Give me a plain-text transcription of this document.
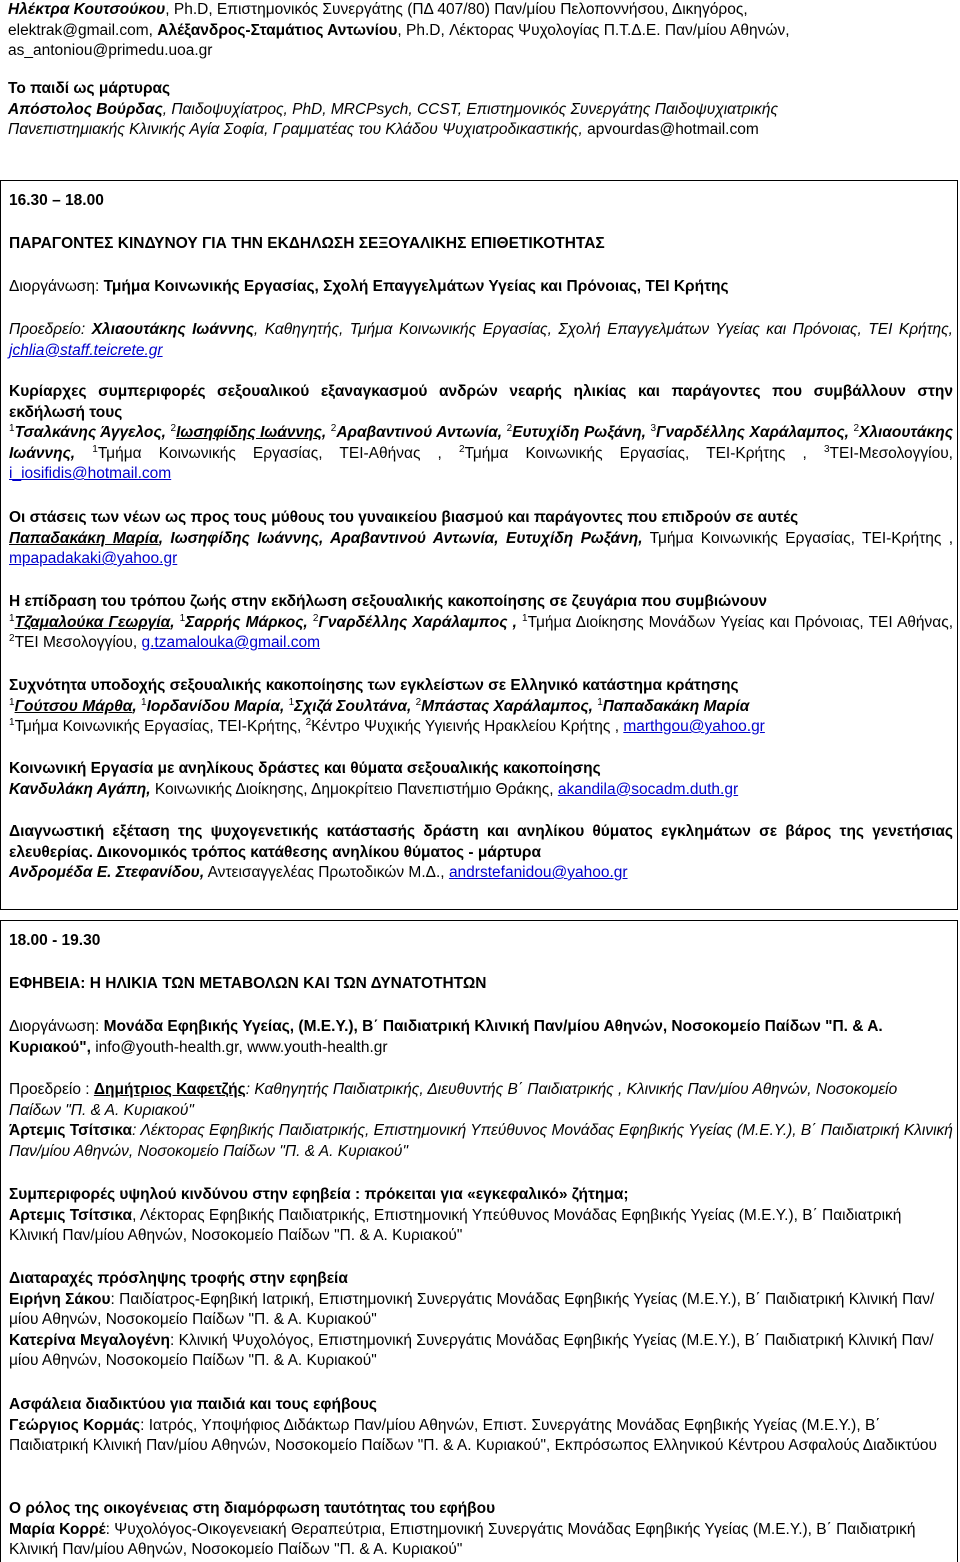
Ηλέκτρα Κουτσούκου, Ph.D, Επιστημονικός Συνεργάτης (ΠΔ 407/80) Παν/μίου Πελοποννήσου, Δικηγόρος,

elektrak@gmail.com, Αλέξανδρος-Σταμάτιος Αντωνίου, Ph.D, Λέκτορας Ψυχολογίας Π.Τ.Δ.Ε. Παν/μίου Αθηνών,

as_antoniou@primedu.uoa.gr

Το παιδί ως μάρτυρας

Απόστολος Βούρδας, Παιδοψυχίατρος, PhD, MRCPsych, CCST, Επιστημονικός Συνεργάτης Παιδοψυχιατρικής

Πανεπιστημιακής Κλινικής Αγία Σοφία, Γραμματέας του Κλάδου Ψυχιατροδικαστικής, apvourdas@hotmail.com

16.30 – 18.00

ΠΑΡΑΓΟΝΤΕΣ ΚΙΝΔΥΝΟΥ ΓΙΑ ΤΗΝ ΕΚΔΗΛΩΣΗ ΣΕΞΟΥΑΛΙΚΗΣ ΕΠΙΘΕΤΙΚΟΤΗΤΑΣ

Διοργάνωση: Τμήμα Κοινωνικής Εργασίας, Σχολή Επαγγελμάτων Υγείας και Πρόνοιας, ΤΕΙ Κρήτης

Προεδρείο: Χλιαουτάκης Ιωάννης, Καθηγητής, Τμήμα Κοινωνικής Εργασίας, Σχολή Επαγγελμάτων Υγείας και Πρόνοιας, ΤΕΙ Κρήτης, jchlia@staff.teicrete.gr

Κυρίαρχες συμπεριφορές σεξουαλικού εξαναγκασμού ανδρών νεαρής ηλικίας και παράγοντες που συμβάλλουν στην εκδήλωσή τους

$^1$Τσαλκάνης Άγγελος, $^2$Ιωσηφίδης Ιωάννης, $^2$Αραβαντινού Αντωνία, $^2$Ευτυχίδη Ρωξάνη, $^3$Γναρδέλλης Χαράλαμπος, $^2$Χλιαουτάκης Ιωάννης, $^1$Τμήμα Κοινωνικής Εργασίας, ΤΕΙ-Αθήνας , $^2$Τμήμα Κοινωνικής Εργασίας, ΤΕΙ-Κρήτης , $^3$ΤΕΙ-Μεσολογγίου, i_iosifidis@hotmail.com

Οι στάσεις των νέων ως προς τους μύθους του γυναικείου βιασμού και παράγοντες που επιδρούν σε αυτές

Παπαδακάκη Μαρία, Ιωσηφίδης Ιωάννης, Αραβαντινού Αντωνία, Ευτυχίδη Ρωξάνη, Τμήμα Κοινωνικής Εργασίας, ΤΕΙ-Κρήτης , mpapadakaki@yahoo.gr

Η επίδραση του τρόπου ζωής στην εκδήλωση σεξουαλικής κακοποίησης σε ζευγάρια που συμβιώνουν

$^1$Τζαμαλούκα Γεωργία, $^1$Σαρρής Μάρκος, $^2$Γναρδέλλης Χαράλαμπος , $^1$Τμήμα Διοίκησης Μονάδων Υγείας και Πρόνοιας, ΤΕΙ Αθήνας, $^2$ΤΕΙ Μεσολογγίου, g.tzamalouka@gmail.com

Συχνότητα υποδοχής σεξουαλικής κακοποίησης των εγκλείστων σε Ελληνικό κατάστημα κράτησης

$^1$Γούτσου Μάρθα, $^1$Ιορδανίδου Μαρία, $^1$Σχιζά Σουλτάνα, $^2$Μπάστας Χαράλαμπος, $^1$Παπαδακάκη Μαρία

$^1$Τμήμα Κοινωνικής Εργασίας, ΤΕΙ-Κρήτης, $^2$Κέντρο Ψυχικής Υγιεινής Ηρακλείου Κρήτης , marthgou@yahoo.gr

Κοινωνική Εργασία με ανηλίκους δράστες και θύματα σεξουαλικής κακοποίησης

Κανδυλάκη Αγάπη, Κοινωνικής Διοίκησης, Δημοκρίτειο Πανεπιστήμιο Θράκης, akandila@socadm.duth.gr

Διαγνωστική εξέταση της ψυχογενετικής κατάστασής δράστη και ανηλίκου θύματος εγκλημάτων σε βάρος της γενετήσιας ελευθερίας. Δικονομικός τρόπος κατάθεσης ανηλίκου θύματος - μάρτυρα

Ανδρομέδα Ε. Στεφανίδου, Αντεισαγγελέας Πρωτοδικών Μ.Δ., andrstefanidou@yahoo.gr

18.00 - 19.30

ΕΦΗΒΕΙΑ: Η ΗΛΙΚΙΑ ΤΩΝ ΜΕΤΑΒΟΛΩΝ ΚΑΙ ΤΩΝ ΔΥΝΑΤΟΤΗΤΩΝ

Διοργάνωση: Μονάδα Εφηβικής Υγείας, (Μ.Ε.Υ.), Β΄ Παιδιατρική Κλινική Παν/μίου Αθηνών, Νοσοκομείο Παίδων "Π. & Α. Κυριακού", info@youth-health.gr, www.youth-health.gr

Προεδρείο : Δημήτριος Καφετζής: Καθηγητής Παιδιατρικής, Διευθυντής Β΄ Παιδιατρικής , Κλινικής Παν/μίου Αθηνών, Νοσοκομείο Παίδων "Π. & Α. Κυριακού"

Άρτεμις Τσίτσικα: Λέκτορας Εφηβικής Παιδιατρικής, Επιστημονική Υπεύθυνος Μονάδας Εφηβικής Υγείας (Μ.Ε.Υ.), Β΄ Παιδιατρική Κλινική Παν/μίου Αθηνών, Νοσοκομείο Παίδων "Π. & Α. Κυριακού"

Συμπεριφορές υψηλού κινδύνου στην εφηβεία : πρόκειται για «εγκεφαλικό» ζήτημα;

Αρτεμις Τσίτσικα, Λέκτορας Εφηβικής Παιδιατρικής, Επιστημονική Υπεύθυνος Μονάδας Εφηβικής Υγείας (Μ.Ε.Υ.), Β΄ Παιδιατρική Κλινική Παν/μίου Αθηνών, Νοσοκομείο Παίδων "Π. & Α. Κυριακού"

Διαταραχές πρόσληψης τροφής στην εφηβεία

Ειρήνη Σάκου: Παιδίατρος-Εφηβική Ιατρική, Επιστημονική Συνεργάτις Μονάδας Εφηβικής Υγείας (Μ.Ε.Υ.), Β΄ Παιδιατρική Κλινική Παν/μίου Αθηνών, Νοσοκομείο Παίδων "Π. & Α. Κυριακού"

Κατερίνα Μεγαλογένη: Κλινική Ψυχολόγος, Επιστημονική Συνεργάτις Μονάδας Εφηβικής Υγείας (Μ.Ε.Υ.), Β΄ Παιδιατρική Κλινική Παν/μίου Αθηνών, Νοσοκομείο Παίδων "Π. & Α. Κυριακού"

Ασφάλεια διαδικτύου για παιδιά και τους εφήβους

Γεώργιος Κορμάς: Ιατρός, Υποψήφιος Διδάκτωρ Παν/μίου Αθηνών, Επιστ. Συνεργάτης Μονάδας Εφηβικής Υγείας (Μ.Ε.Υ.), Β΄ Παιδιατρική Κλινική Παν/μίου Αθηνών, Νοσοκομείο Παίδων "Π. & Α. Κυριακού", Εκπρόσωπος Ελληνικού Κέντρου Ασφαλούς Διαδικτύου

Ο ρόλος της οικογένειας στη διαμόρφωση ταυτότητας του εφήβου

Μαρία Κορρέ: Ψυχολόγος-Οικογενειακή Θεραπεύτρια, Επιστημονική Συνεργάτις Μονάδας Εφηβικής Υγείας (Μ.Ε.Υ.), Β΄ Παιδιατρική Κλινική Παν/μίου Αθηνών, Νοσοκομείο Παίδων "Π. & Α. Κυριακού"
